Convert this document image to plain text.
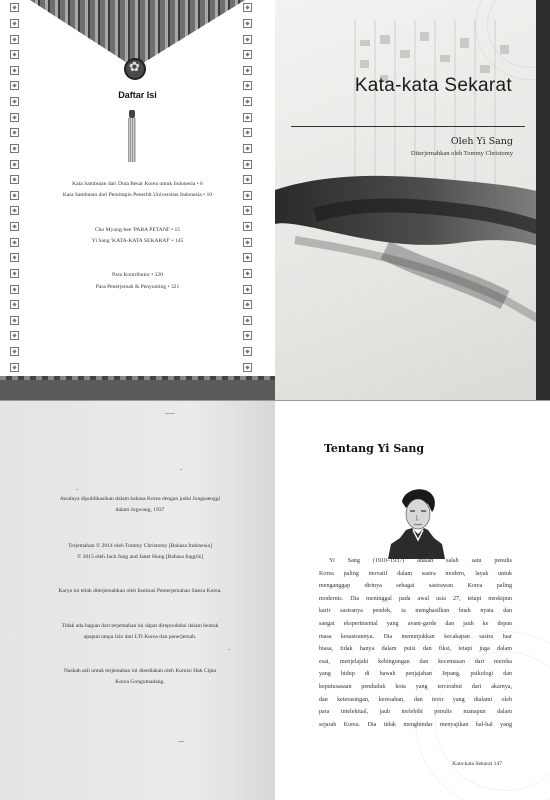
✿
Daftar Isi
Kata Sambutan dari Duta Besar Korea untuk Indonesia • 6
Kata Sambutan dari Pemimpin Penerbit Universitas Indonesia • 10
Cho Myung-hee 'PARA PETANI' • 15
Yi Sang 'KATA-KATA SEKARAT' • 145
Para Kontributor • 320
Para Penerjemah & Penyunting • 321
Kata-kata Sekarat
Oleh Yi Sang
Diterjemahkan oleh Tommy Christomy
Awalnya dipublikasikan dalam bahasa Korea dengan judul Jongsaenggi
dalam Jogwang, 1937
Terjemahan © 2014 oleh Tommy Christomy [Bahasa Indonesia]
© 2015 oleh Jack Jung and Janet Hong [Bahasa Inggris]
Karya ini telah diterjemahkan oleh Institusi Penterjemahan Sastra Korea.
Tidak ada bagian dari terjemahan ini dapat direproduksi dalam bentuk
apapun tanpa izin dari LTI Korea dan penerjemah.
Naskah asli untuk terjemahan ini disediakan oleh Komisi Hak Cipta
Korea Gongumadang.
Tentang Yi Sang
Yi Sang (1910–1937) adalah salah satu penulis
Korea paling inovatif dalam sastra modern, layak untuk
menganggap dirinya sebagai sastrawan Korea paling
modernis. Dia meninggal pada awal usia 27, tetapi meskipun
karir sastranya pendek, ia menghasilkan buah nyata dan
sangat eksperimental yang avant-garde dan jauh ke depan
masa kesastrannya. Dia menunjukkan kecakapan sastra luar
biasa, tidak hanya dalam puisi dan fiksi, tetapi juga dalam
esai, menjelajahi kebingungan dan kecemasan dari mereka
yang hidup di bawah penjajahan Jepang, psikologi dan
keputusasaan penduduk kota yang tercerabut dari akarnya,
dan keterasingan, keresahan, dan teror yang dialami oleh
para intelektual, jauh melebihi penulis manapun dalam
sejarah Korea. Dia tidak menghindar menyajikan hal-hal yang
Kata-kata Sekarat 147
